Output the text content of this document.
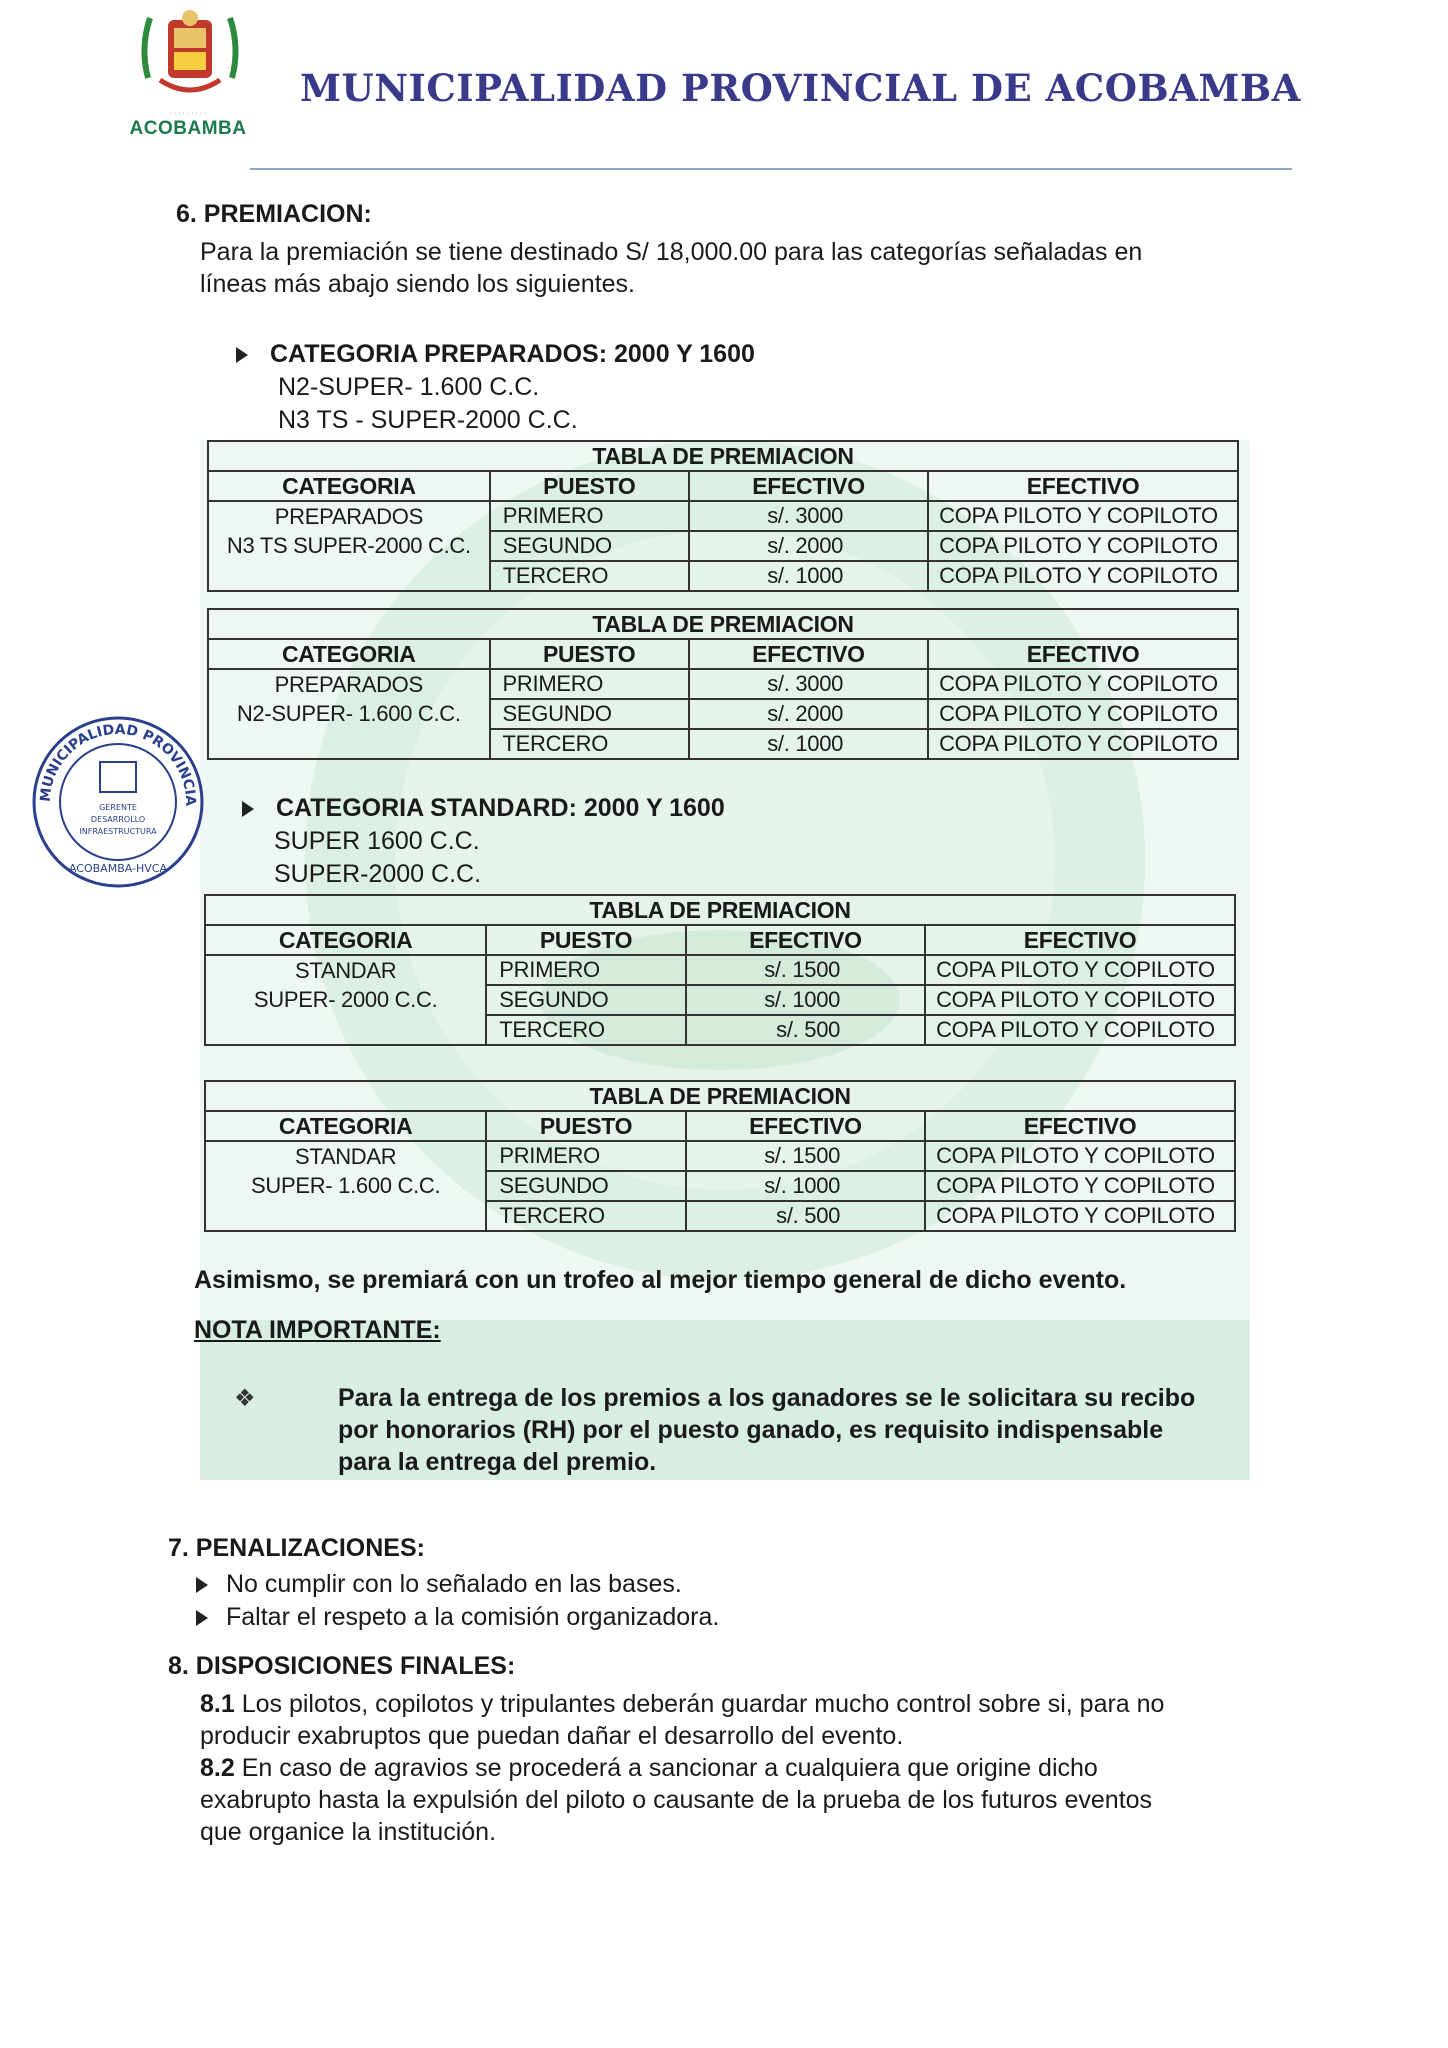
· · · · · · · · ·
ACOBAMBA
MUNICIPALIDAD PROVINCIAL DE ACOBAMBA
6. PREMIACION:
Para la premiación se tiene destinado S/ 18,000.00 para las categorías señaladas en
líneas más abajo siendo los siguientes.
CATEGORIA PREPARADOS: 2000 Y 1600
N2-SUPER- 1.600 C.C.
N3 TS - SUPER-2000 C.C.
TABLA DE PREMIACION			
CATEGORIA	PUESTO	EFECTIVO	EFECTIVO

PREPARADOS
N3 TS SUPER-2000 C.C.	PRIMERO	s/. 3000	COPA PILOTO Y COPILOTO
	SEGUNDO	s/. 2000	COPA PILOTO Y COPILOTO
	TERCERO	s/. 1000	COPA PILOTO Y COPILOTO
TABLA DE PREMIACION			
CATEGORIA	PUESTO	EFECTIVO	EFECTIVO

PREPARADOS
N2-SUPER- 1.600 C.C.	PRIMERO	s/. 3000	COPA PILOTO Y COPILOTO
	SEGUNDO	s/. 2000	COPA PILOTO Y COPILOTO
	TERCERO	s/. 1000	COPA PILOTO Y COPILOTO
MUNICIPALIDAD PROVINCIA
GERENTE
DESARROLLO
INFRAESTRUCTURA
ACOBAMBA-HVCA
CATEGORIA STANDARD: 2000 Y 1600
SUPER 1600 C.C.
SUPER-2000 C.C.
TABLA DE PREMIACION			
CATEGORIA	PUESTO	EFECTIVO	EFECTIVO

STANDAR
SUPER- 2000 C.C.	PRIMERO	s/. 1500	COPA PILOTO Y COPILOTO
	SEGUNDO	s/. 1000	COPA PILOTO Y COPILOTO
	TERCERO	s/. 500	COPA PILOTO Y COPILOTO
TABLA DE PREMIACION			
CATEGORIA	PUESTO	EFECTIVO	EFECTIVO

STANDAR
SUPER- 1.600 C.C.	PRIMERO	s/. 1500	COPA PILOTO Y COPILOTO
	SEGUNDO	s/. 1000	COPA PILOTO Y COPILOTO
	TERCERO	s/. 500	COPA PILOTO Y COPILOTO
Asimismo, se premiará con un trofeo al mejor tiempo general de dicho evento.
NOTA IMPORTANTE:
❖	Para la entrega de los premios a los ganadores se le solicitara su recibo
por honorarios (RH) por el puesto ganado, es requisito indispensable
para la entrega del premio.
7. PENALIZACIONES:
No cumplir con lo señalado en las bases.
Faltar el respeto a la comisión organizadora.
8. DISPOSICIONES FINALES:
8.1 Los pilotos, copilotos y tripulantes deberán guardar mucho control sobre si, para no
producir exabruptos que puedan dañar el desarrollo del evento.
8.2 En caso de agravios se procederá a sancionar a cualquiera que origine dicho
exabrupto hasta la expulsión del piloto o causante de la prueba de los futuros eventos
que organice la institución.
